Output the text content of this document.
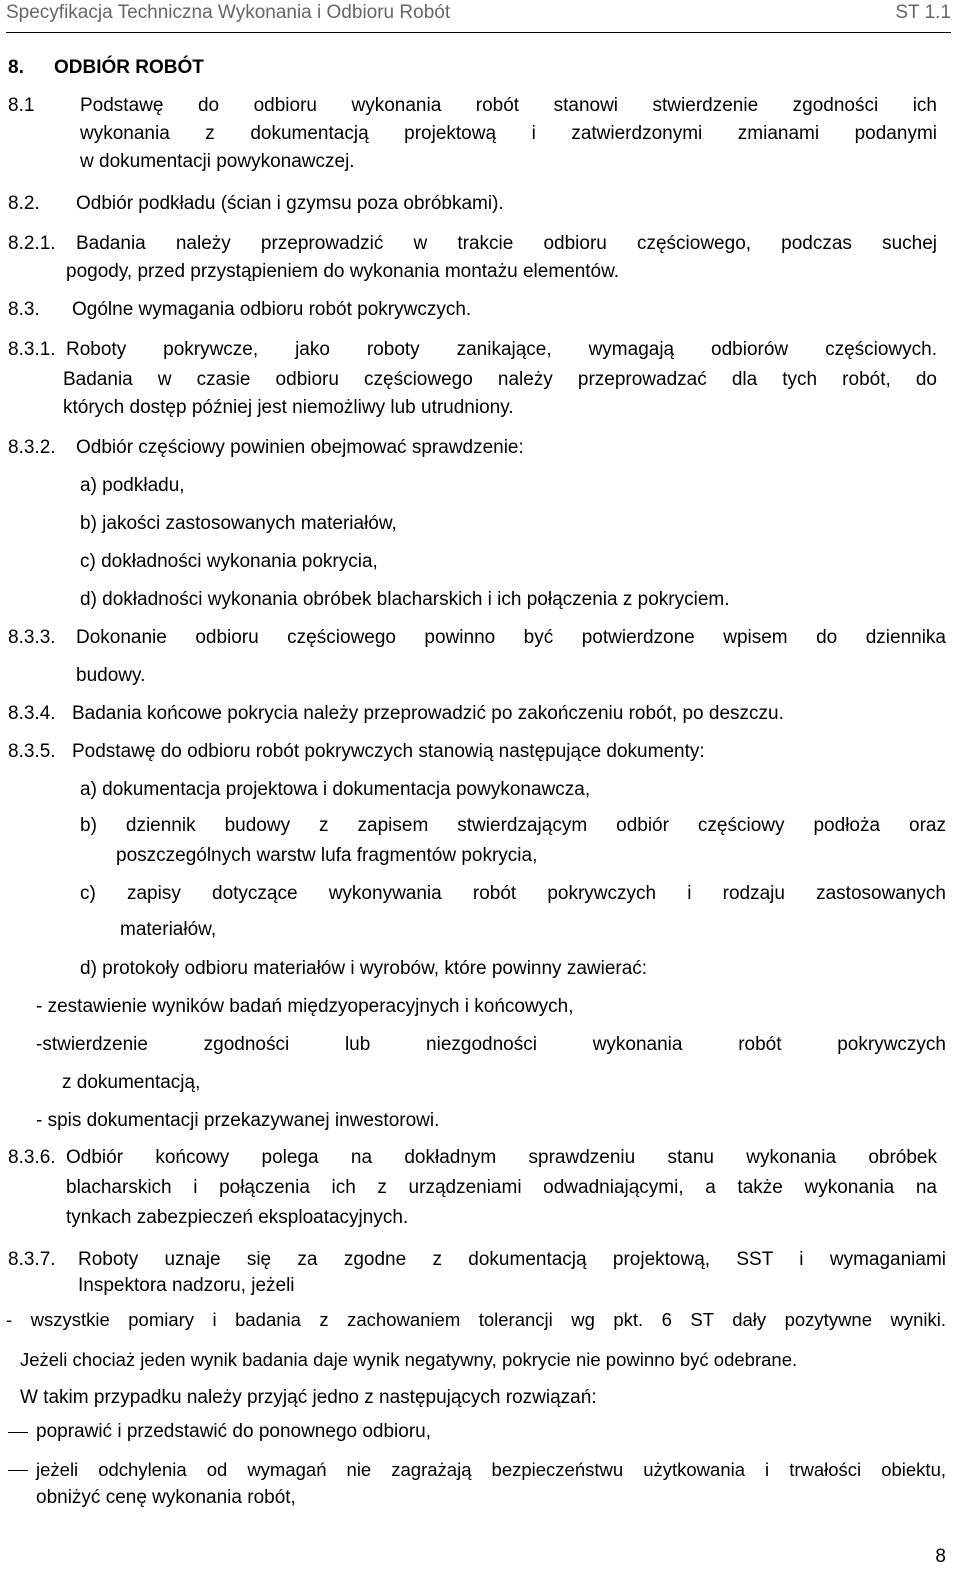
Specyfikacja Techniczna Wykonania i Odbioru Robót	ST 1.1
8. ODBIÓR ROBÓT
8.1 Podstawę do odbioru wykonania robót stanowi stwierdzenie zgodności ich
wykonania z dokumentacją projektową i zatwierdzonymi zmianami podanymi
w dokumentacji powykonawczej.
8.2. Odbiór podkładu (ścian i gzymsu poza obróbkami).
8.2.1. Badania należy przeprowadzić w trakcie odbioru częściowego, podczas suchej
pogody, przed przystąpieniem do wykonania montażu elementów.
8.3. Ogólne wymagania odbioru robót pokrywczych.
8.3.1. Roboty pokrywcze, jako roboty zanikające, wymagają odbiorów częściowych.
Badania w czasie odbioru częściowego należy przeprowadzać dla tych robót, do
których dostęp później jest niemożliwy lub utrudniony.
8.3.2. Odbiór częściowy powinien obejmować sprawdzenie:
a) podkładu,
b) jakości zastosowanych materiałów,
c) dokładności wykonania pokrycia,
d) dokładności wykonania obróbek blacharskich i ich połączenia z pokryciem.
8.3.3. Dokonanie odbioru częściowego powinno być potwierdzone wpisem do dziennika
budowy.
8.3.4. Badania końcowe pokrycia należy przeprowadzić po zakończeniu robót, po deszczu.
8.3.5. Podstawę do odbioru robót pokrywczych stanowią następujące dokumenty:
a) dokumentacja projektowa i dokumentacja powykonawcza,
b) dziennik budowy z zapisem stwierdzającym odbiór częściowy podłoża oraz
poszczególnych warstw lufa fragmentów pokrycia,
c) zapisy dotyczące wykonywania robót pokrywczych i rodzaju zastosowanych
materiałów,
d) protokoły odbioru materiałów i wyrobów, które powinny zawierać:
- zestawienie wyników badań międzyoperacyjnych i końcowych,
-stwierdzenie zgodności lub niezgodności wykonania robót pokrywczych
z dokumentacją,
- spis dokumentacji przekazywanej inwestorowi.
8.3.6. Odbiór końcowy polega na dokładnym sprawdzeniu stanu wykonania obróbek
blacharskich i połączenia ich z urządzeniami odwadniającymi, a także wykonania na
tynkach zabezpieczeń eksploatacyjnych.
8.3.7. Roboty uznaje się za zgodne z dokumentacją projektową, SST i wymaganiami
Inspektora nadzoru, jeżeli
- wszystkie pomiary i badania z zachowaniem tolerancji wg pkt. 6 ST dały pozytywne wyniki.
Jeżeli chociaż jeden wynik badania daje wynik negatywny, pokrycie nie powinno być odebrane.
W takim przypadku należy przyjąć jedno z następujących rozwiązań:
poprawić i przedstawić do ponownego odbioru,
jeżeli odchylenia od wymagań nie zagrażają bezpieczeństwu użytkowania i trwałości obiektu,
obniżyć cenę wykonania robót,
8
